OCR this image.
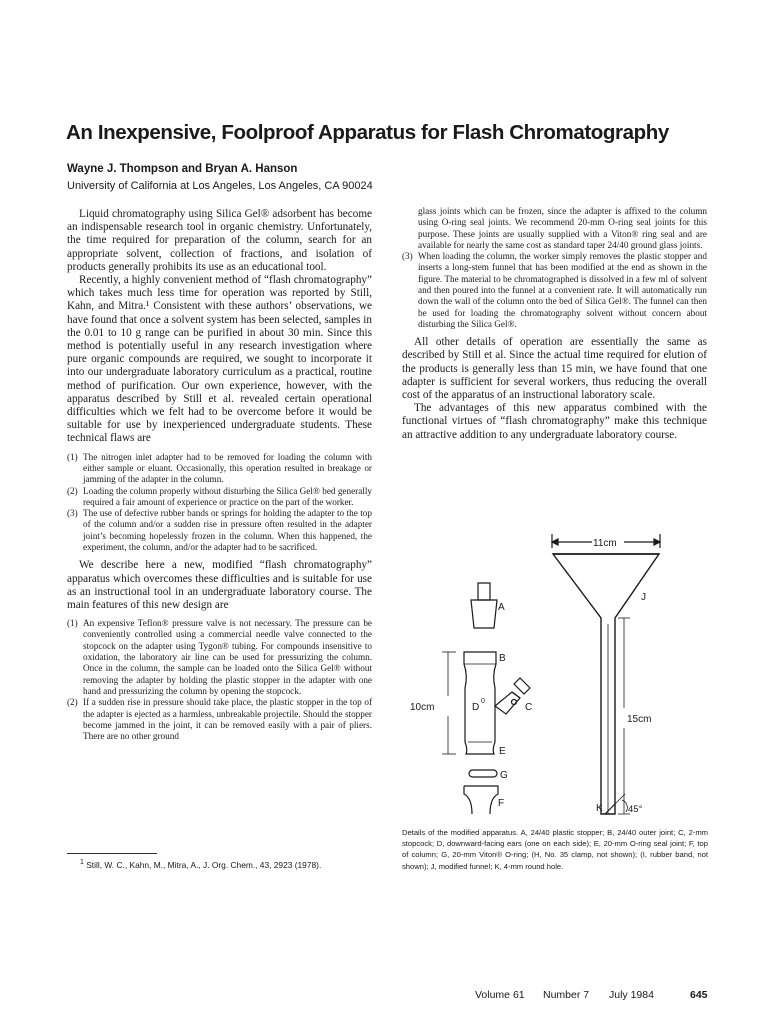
An Inexpensive, Foolproof Apparatus for Flash Chromatography

Wayne J. Thompson and Bryan A. Hanson

University of California at Los Angeles, Los Angeles, CA 90024

Liquid chromatography using Silica Gel® adsorbent has become an indispensable research tool in organic chemistry. Unfortunately, the time required for preparation of the column, search for an appropriate solvent, collection of fractions, and isolation of products generally prohibits its use as an educational tool.

Recently, a highly convenient method of “flash chromatography” which takes much less time for operation was reported by Still, Kahn, and Mitra.¹ Consistent with these authors’ observations, we have found that once a solvent system has been selected, samples in the 0.01 to 10 g range can be purified in about 30 min. Since this method is potentially useful in any research investigation where pure organic compounds are required, we sought to incorporate it into our undergraduate laboratory curriculum as a practical, routine method of purification. Our own experience, however, with the apparatus described by Still et al. revealed certain operational difficulties which we felt had to be overcome before it would be suitable for use by inexperienced undergraduate students. These technical flaws are

(1) The nitrogen inlet adapter had to be removed for loading the column with either sample or eluant. Occasionally, this operation resulted in breakage or jamming of the adapter in the column.
(2) Loading the column properly without disturbing the Silica Gel® bed generally required a fair amount of experience or practice on the part of the worker.
(3) The use of defective rubber bands or springs for holding the adapter to the top of the column and/or a sudden rise in pressure often resulted in the adapter joint’s becoming hopelessly frozen in the column. When this happened, the experiment, the column, and/or the adapter had to be sacrificed.

We describe here a new, modified “flash chromatography” apparatus which overcomes these difficulties and is suitable for use as an instructional tool in an undergraduate laboratory course. The main features of this new design are

(1) An expensive Teflon® pressure valve is not necessary. The pressure can be conveniently controlled using a commercial needle valve connected to the stopcock on the adapter using Tygon® tubing. For compounds insensitive to oxidation, the laboratory air line can be used for pressurizing the column. Once in the column, the sample can be loaded onto the Silica Gel® without removing the adapter by holding the plastic stopper in the adapter with one hand and pressurizing the column by opening the stopcock.
(2) If a sudden rise in pressure should take place, the plastic stopper in the top of the adapter is ejected as a harmless, unbreakable projectile. Should the stopper become jammed in the joint, it can be removed easily with a pair of pliers. There are no other ground
glass joints which can be frozen, since the adapter is affixed to the column using O-ring seal joints. We recommend 20-mm O-ring seal joints for this purpose. These joints are usually supplied with a Viton® ring seal and are available for nearly the same cost as standard taper 24/40 ground glass joints.
(3) When loading the column, the worker simply removes the plastic stopper and inserts a long-stem funnel that has been modified at the end as shown in the figure. The material to be chromatographed is dissolved in a few ml of solvent and then poured into the funnel at a convenient rate. It will automatically run down the wall of the column onto the bed of Silica Gel®. The funnel can then be used for loading the chromatography solvent without concern about disturbing the Silica Gel®.

All other details of operation are essentially the same as described by Still et al. Since the actual time required for elution of the products is generally less than 15 min, we have found that one adapter is sufficient for several workers, thus reducing the overall cost of the apparatus of an instructional laboratory scale.

The advantages of this new apparatus combined with the functional virtues of “flash chromatography” make this technique an attractive addition to any undergraduate laboratory course.

11cm
15cm
10cm
45°
A
B
C
D
0
E
G
F
J
K

Details of the modified apparatus. A, 24/40 plastic stopper; B, 24/40 outer joint; C, 2-mm stopcock; D, downward-facing ears (one on each side); E, 20-mm O-ring seal joint; F, top of column; G, 20-mm Viton® O-ring; (H, No. 35 clamp, not shown); (I, rubber band, not shown); J, modified funnel; K, 4-mm round hole.

$^1$ Still, W. C., Kahn, M., Mitra, A., J. Org. Chem., 43, 2923 (1978).

Volume 61 Number 7 July 1984	645
